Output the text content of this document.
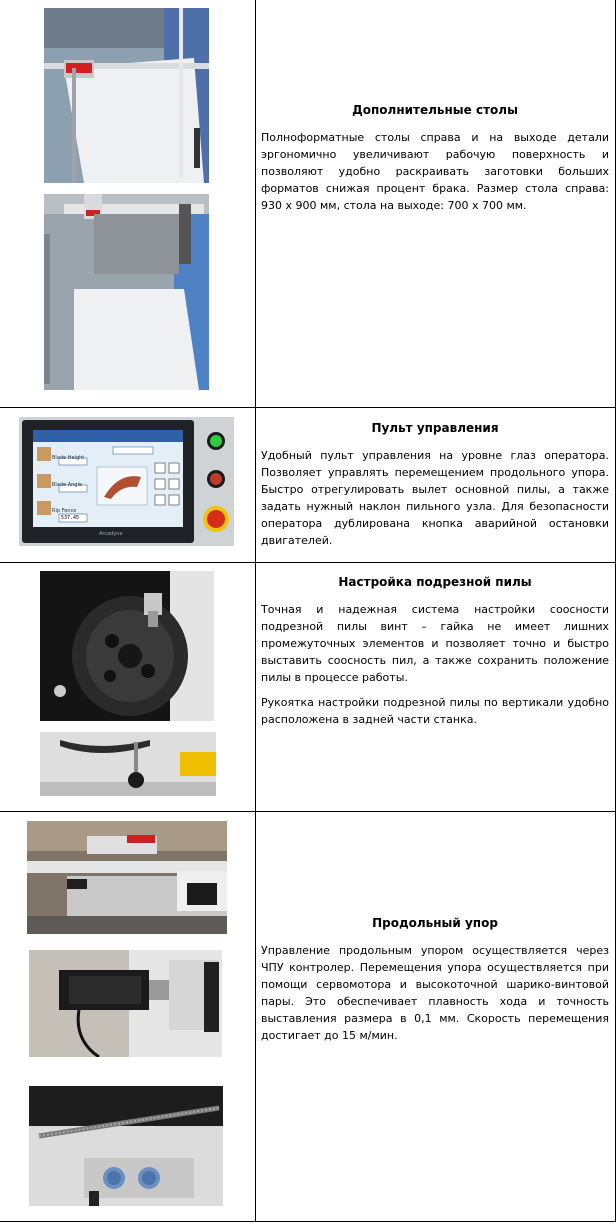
Дополнительные столы

Полноформатные столы справа и на выходе детали эргономично увеличивают рабочую поверхность и позволяют удобно раскраивать заготовки больших форматов снижая процент брака. Размер стола справа: 930 х 900 мм, стола на выходе: 700 х 700 мм.

Blade Height
Blade Angle
Rip Fence
537.45
Arcadyne
Пульт управления

Удобный пульт управления на уровне глаз оператора. Позволяет управлять перемещением продольного упора. Быстро отрегулировать вылет основной пилы, а также задать нужный наклон пильного узла. Для безопасности оператора дублирована кнопка аварийной остановки двигателей.

Настройка подрезной пилы

Точная и надежная система настройки соосности подрезной пилы винт – гайка не имеет лишних промежуточных элементов и позволяет точно и быстро выставить соосность пил, а также сохранить положение пилы в процессе работы.

Рукоятка настройки подрезной пилы по вертикали удобно расположена в задней части станка.

Продольный упор

Управление продольным упором осуществляется через ЧПУ контролер. Перемещения упора осуществляется при помощи сервомотора и высокоточной шарико-винтовой пары. Это обеспечивает плавность хода и точность выставления размера в 0,1 мм. Скорость перемещения достигает до 15 м/мин.
